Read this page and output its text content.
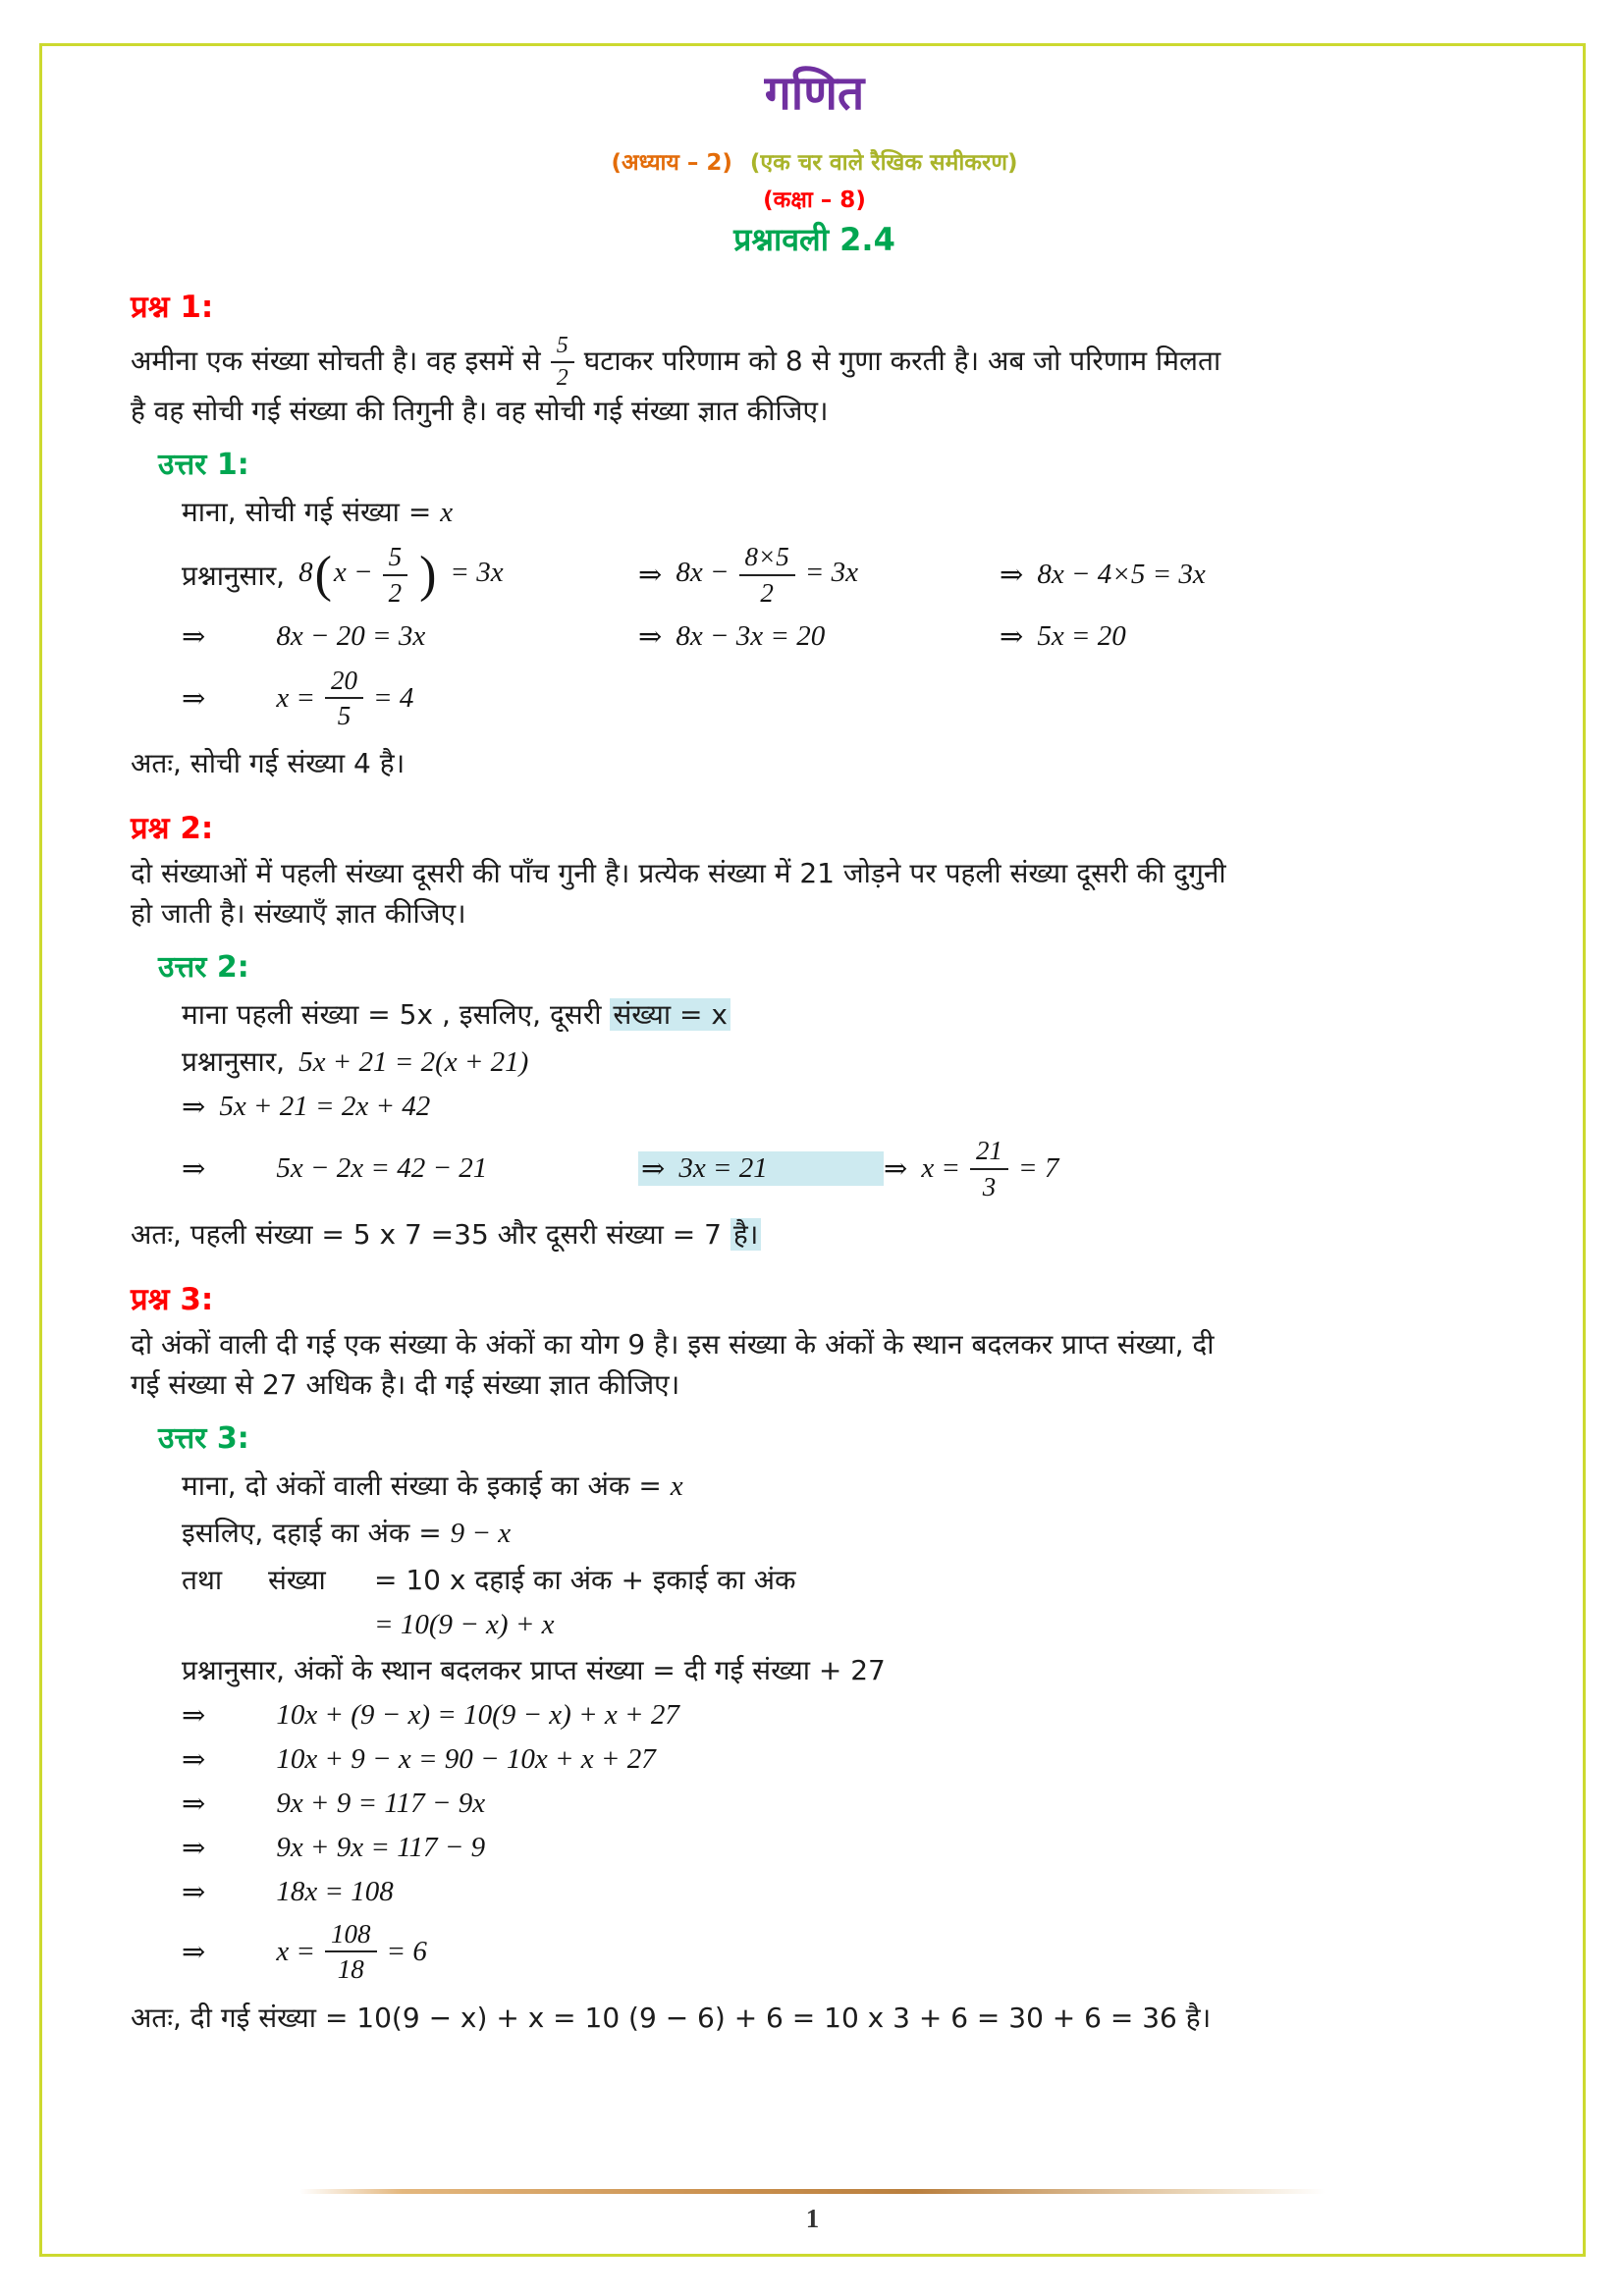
गणित
(अध्याय – 2) (एक चर वाले रैखिक समीकरण)
(कक्षा – 8)
प्रश्नावली 2.4
प्रश्न 1:

अमीना एक संख्या सोचती है। वह इसमें से $\frac{5}{2}$ घटाकर परिणाम को 8 से गुणा करती है। अब जो परिणाम मिलता
है वह सोची गई संख्या की तिगुनी है। वह सोची गई संख्या ज्ञात कीजिए।

उत्तर 1:
माना, सोची गई संख्या = x
प्रश्नानुसार, $8(x - \frac{5}{2}$ ) = 3x	⇒ $8x - \frac{8\times 5}{2} = 3x$	⇒ 8x − 4×5 = 3x
⇒ 8x − 20 = 3x	⇒ 8x − 3x = 20	⇒ 5x = 20
⇒ $x = \frac{20}{5} = 4$

अतः, सोची गई संख्या 4 है।

प्रश्न 2:

दो संख्याओं में पहली संख्या दूसरी की पाँच गुनी है। प्रत्येक संख्या में 21 जोड़ने पर पहली संख्या दूसरी की दुगुनी
हो जाती है। संख्याएँ ज्ञात कीजिए।

उत्तर 2:
माना पहली संख्या = 5x , इसलिए, दूसरी संख्या = x
प्रश्नानुसार, 5x + 21 = 2(x + 21)
⇒ 5x + 21 = 2x + 42
⇒ 5x − 2x = 42 − 21	⇒ 3x = 21	⇒ $x = \frac{21}{3} = 7$

अतः, पहली संख्या = 5 x 7 =35 और दूसरी संख्या = 7 है।

प्रश्न 3:

दो अंकों वाली दी गई एक संख्या के अंकों का योग 9 है। इस संख्या के अंकों के स्थान बदलकर प्राप्त संख्या, दी
गई संख्या से 27 अधिक है। दी गई संख्या ज्ञात कीजिए।

उत्तर 3:
माना, दो अंकों वाली संख्या के इकाई का अंक = x
इसलिए, दहाई का अंक = 9 − x
तथा	संख्या	= 10 x दहाई का अंक + इकाई का अंक
= 10(9 − x) + x
प्रश्नानुसार, अंकों के स्थान बदलकर प्राप्त संख्या = दी गई संख्या + 27
⇒ 10x + (9 − x) = 10(9 − x) + x + 27
⇒ 10x + 9 − x = 90 − 10x + x + 27
⇒ 9x + 9 = 117 − 9x
⇒ 9x + 9x = 117 − 9
⇒ 18x = 108
⇒ $x = \frac{108}{18} = 6$

अतः, दी गई संख्या = 10(9 − x) + x = 10 (9 − 6) + 6 = 10 x 3 + 6 = 30 + 6 = 36 है।

1
